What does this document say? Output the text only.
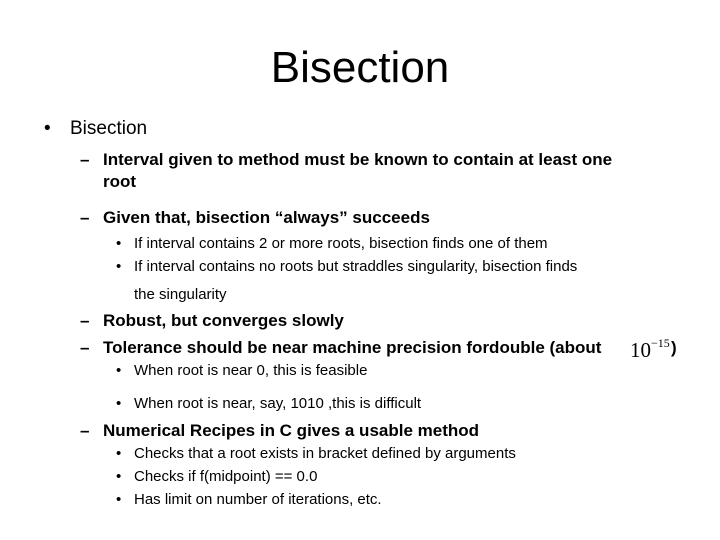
Bisection
• Bisection
– Interval given to method must be known to contain at least one
root
– Given that, bisection “always” succeeds
• If interval contains 2 or more roots, bisection finds one of them
• If interval contains no roots but straddles singularity, bisection finds
the singularity
– Robust, but converges slowly
– Tolerance should be near machine precision fordouble (about $10^{-15}$ )
• When root is near 0, this is feasible
• When root is near, say, 1010 ,this is difficult
– Numerical Recipes in C gives a usable method
• Checks that a root exists in bracket defined by arguments
• Checks if f(midpoint) == 0.0
• Has limit on number of iterations, etc.
